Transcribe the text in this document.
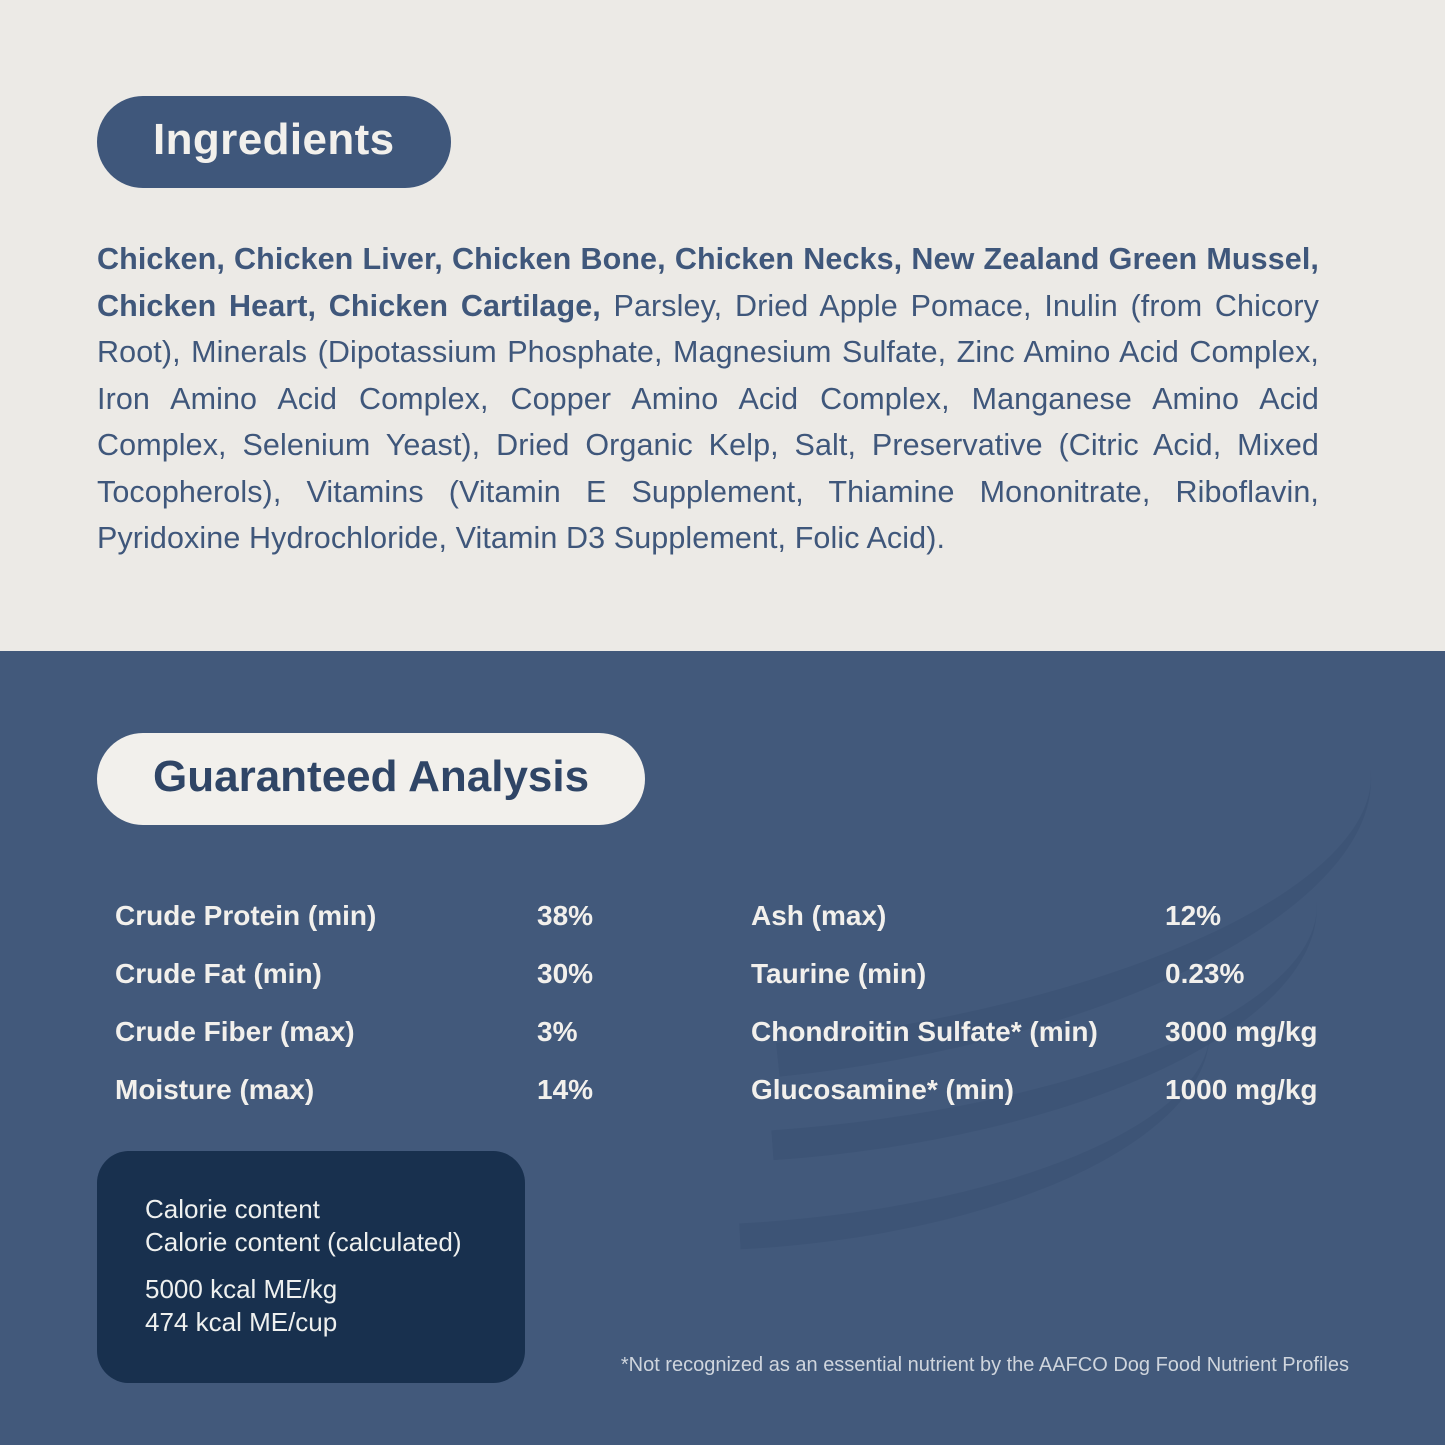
Ingredients

Chicken, Chicken Liver, Chicken Bone, Chicken Necks, New Zealand Green Mussel, Chicken Heart, Chicken Cartilage, Parsley, Dried Apple Pomace, Inulin (from Chicory Root), Minerals (Dipotassium Phosphate, Magnesium Sulfate, Zinc Amino Acid Complex, Iron Amino Acid Complex, Copper Amino Acid Complex, Manganese Amino Acid Complex, Selenium Yeast), Dried Organic Kelp, Salt, Preservative (Citric Acid, Mixed Tocopherols), Vitamins (Vitamin E Supplement, Thiamine Mononitrate, Riboflavin, Pyridoxine Hydrochloride, Vitamin D3 Supplement, Folic Acid).

Guaranteed Analysis
Crude Protein (min)	38%	Ash (max)	12%
Crude Fat (min)	30%	Taurine (min)	0.23%
Crude Fiber (max)	3%	Chondroitin Sulfate* (min)	3000 mg/kg
Moisture (max)	14%	Glucosamine* (min)	1000 mg/kg
Calorie content
Calorie content (calculated)
5000 kcal ME/kg
474 kcal ME/cup
*Not recognized as an essential nutrient by the AAFCO Dog Food Nutrient Profiles
